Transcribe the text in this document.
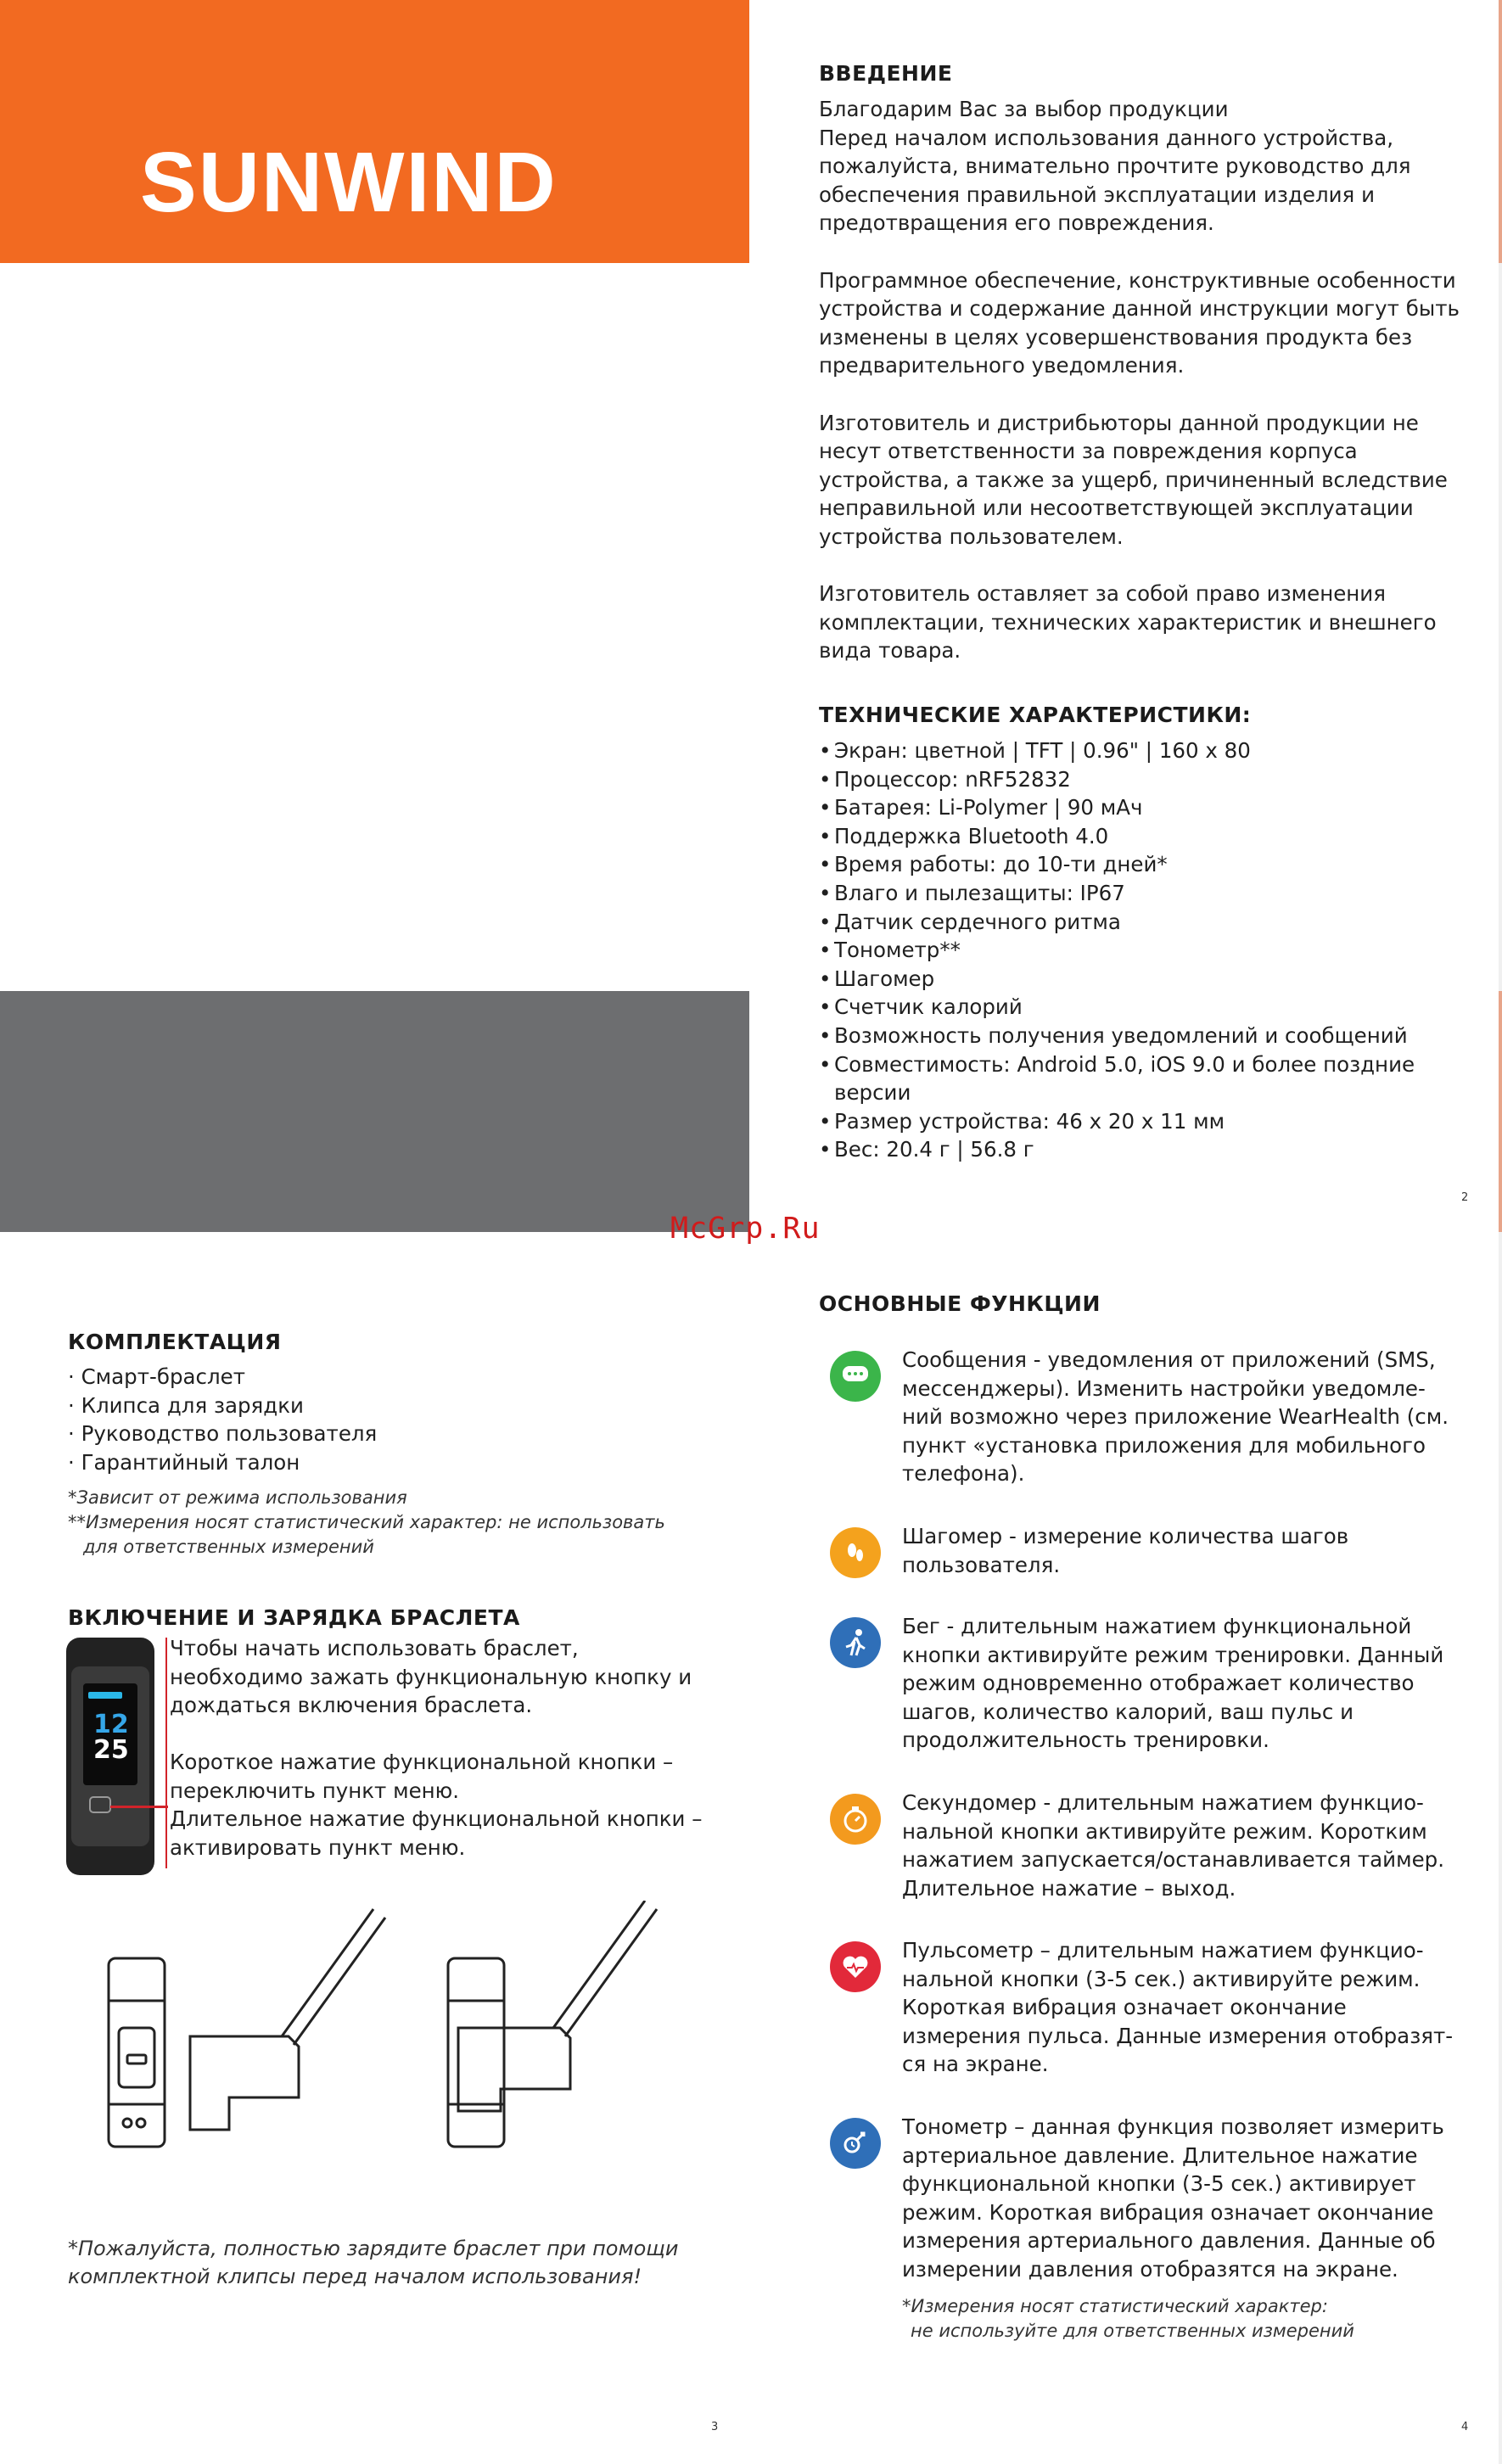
SUNWIND
ВВЕДЕНИЕ

Благодарим Вас за выбор продукции
Перед началом использования данного устройства,
пожалуйста, внимательно прочтите руководство для
обеспечения правильной эксплуатации изделия и
предотвращения его повреждения.

Программное обеспечение, конструктивные особенности
устройства и содержание данной инструкции могут быть
изменены в целях усовершенствования продукта без
предварительного уведомления.

Изготовитель и дистрибьюторы данной продукции не
несут ответственности за повреждения корпуса
устройства, а также за ущерб, причиненный вследствие
неправильной или несоответствующей эксплуатации
устройства пользователем.

Изготовитель оставляет за собой право изменения
комплектации, технических характеристик и внешнего
вида товара.

ТЕХНИЧЕСКИЕ ХАРАКТЕРИСТИКИ:
• Экран: цветной | TFT | 0.96" | 160 x 80
• Процессор: nRF52832
• Батарея: Li-Polymer | 90 мАч
• Поддержка Bluetooth 4.0
• Время работы: до 10-ти дней*
• Влаго и пылезащиты: IP67
• Датчик сердечного ритма
• Тонометр**
• Шагомер
• Счетчик калорий
• Возможность получения уведомлений и сообщений
• Совместимость: Android 5.0, iOS 9.0 и более поздние
версии
• Размер устройства: 46 x 20 x 11 мм
• Вес: 20.4 г | 56.8 г
2
McGrp.Ru
КОМПЛЕКТАЦИЯ
· Смарт-браслет
· Клипса для зарядки
· Руководство пользователя
· Гарантийный талон
*Зависит от режима использования
**Измерения носят статистический характер: не использовать
для ответственных измерений
ВКЛЮЧЕНИЕ И ЗАРЯДКА БРАСЛЕТА
12
25
Чтобы начать использовать браслет,
необходимо зажать функциональную кнопку и
дождаться включения браслета.
Короткое нажатие функциональной кнопки –
переключить пункт меню.
Длительное нажатие функциональной кнопки –
активировать пункт меню.
*Пожалуйста, полностью зарядите браслет при помощи
комплектной клипсы перед началом использования!
ОСНОВНЫЕ ФУНКЦИИ
Сообщения - уведомления от приложений (SMS,
мессенджеры). Изменить настройки уведомле-
ний возможно через приложение WearHealth (см.
пункт «установка приложения для мобильного
телефона).
Шагомер - измерение количества шагов
пользователя.
Бег - длительным нажатием функциональной
кнопки активируйте режим тренировки. Данный
режим одновременно отображает количество
шагов, количество калорий, ваш пульс и
продолжительность тренировки.
Секундомер - длительным нажатием функцио-
нальной кнопки активируйте режим. Коротким
нажатием запускается/останавливается таймер.
Длительное нажатие – выход.
Пульсометр – длительным нажатием функцио-
нальной кнопки (3-5 сек.) активируйте режим.
Короткая вибрация означает окончание
измерения пульса. Данные измерения отобразят-
ся на экране.
Тонометр – данная функция позволяет измерить
артериальное давление. Длительное нажатие
функциональной кнопки (3-5 сек.) активирует
режим. Короткая вибрация означает окончание
измерения артериального давления. Данные об
измерении давления отобразятся на экране.
*Измерения носят статистический характер:
не используйте для ответственных измерений
3	4
